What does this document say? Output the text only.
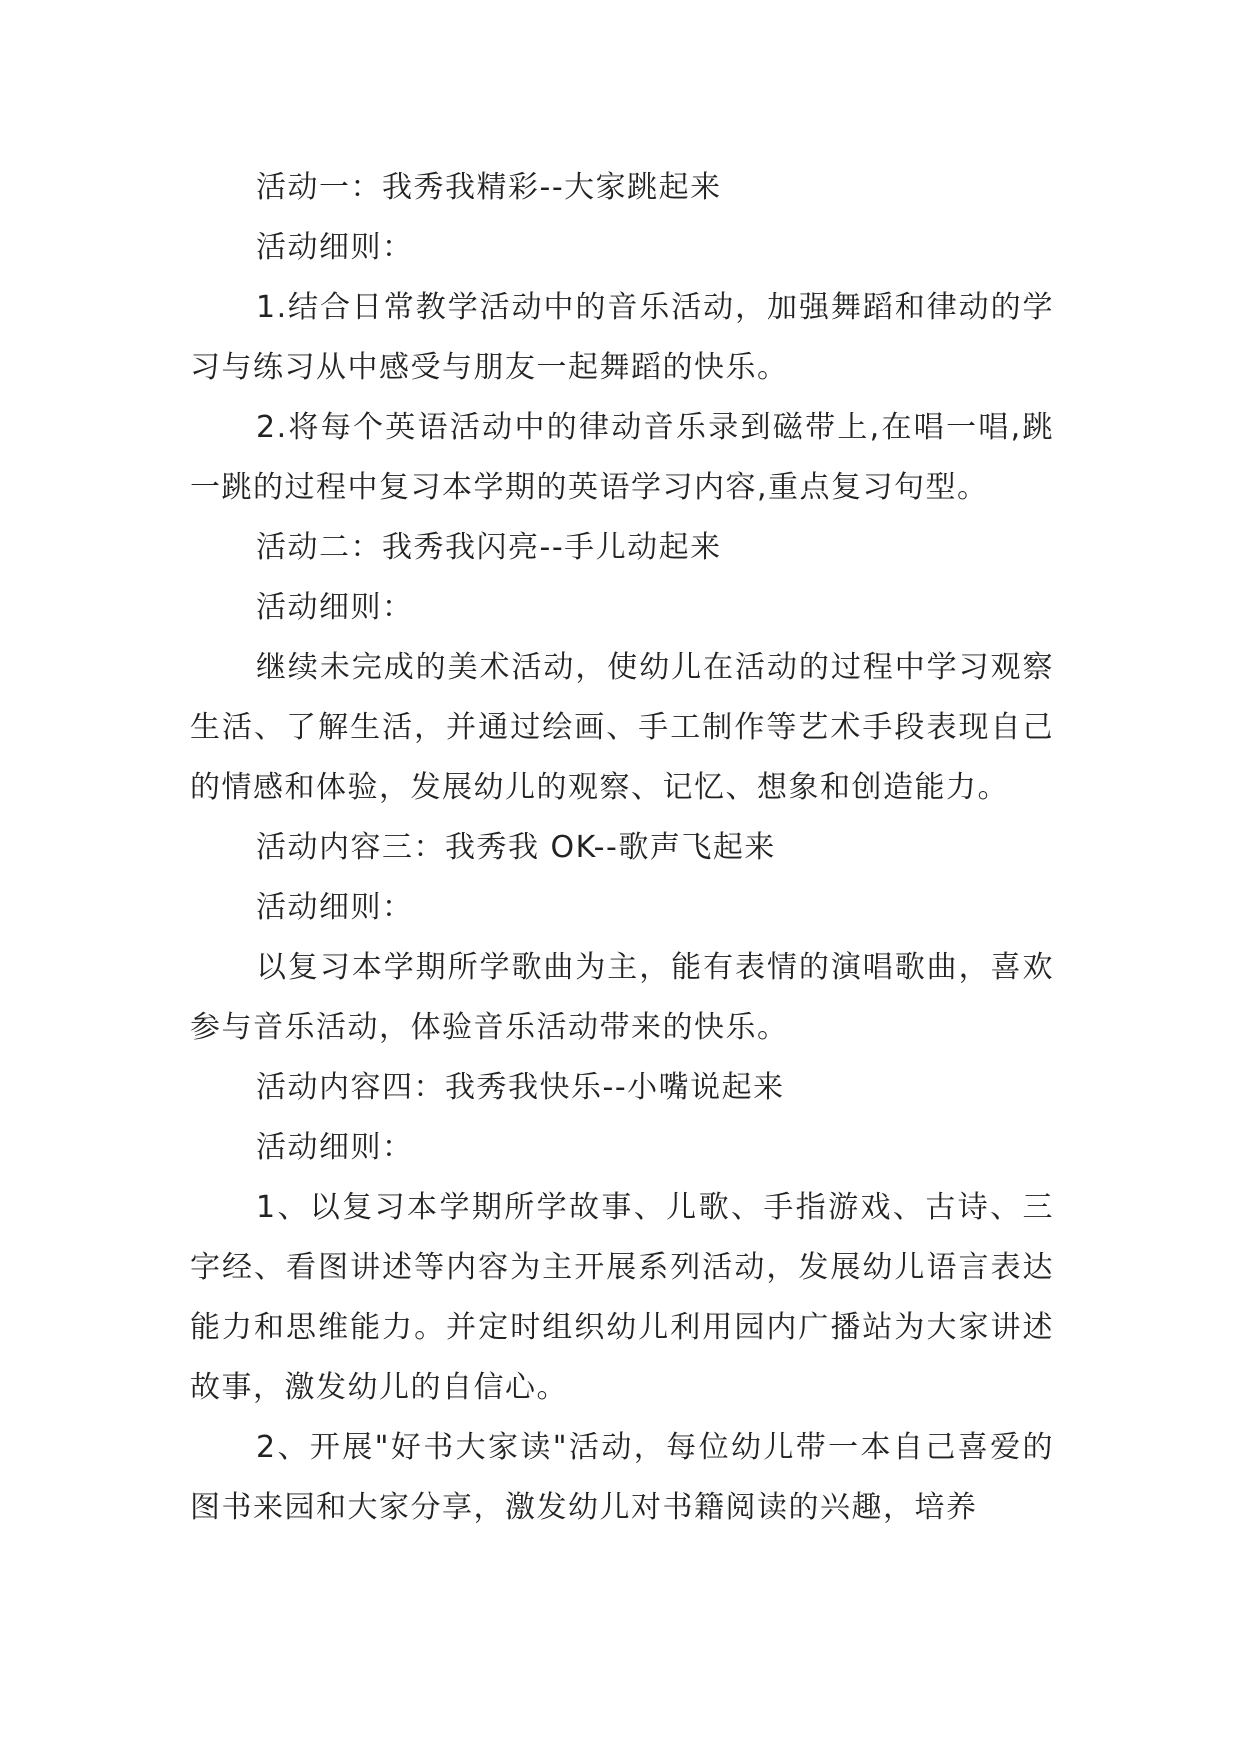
活动一：我秀我精彩--大家跳起来

活动细则：

1.结合日常教学活动中的音乐活动，加强舞蹈和律动的学习与练习从中感受与朋友一起舞蹈的快乐。

2.将每个英语活动中的律动音乐录到磁带上,在唱一唱,跳一跳的过程中复习本学期的英语学习内容,重点复习句型。

活动二：我秀我闪亮--手儿动起来

活动细则：

继续未完成的美术活动，使幼儿在活动的过程中学习观察生活、了解生活，并通过绘画、手工制作等艺术手段表现自己的情感和体验，发展幼儿的观察、记忆、想象和创造能力。

活动内容三：我秀我 OK--歌声飞起来

活动细则：

以复习本学期所学歌曲为主，能有表情的演唱歌曲，喜欢参与音乐活动，体验音乐活动带来的快乐。

活动内容四：我秀我快乐--小嘴说起来

活动细则：

1、以复习本学期所学故事、儿歌、手指游戏、古诗、三字经、看图讲述等内容为主开展系列活动，发展幼儿语言表达能力和思维能力。并定时组织幼儿利用园内广播站为大家讲述故事，激发幼儿的自信心。

2、开展"好书大家读"活动，每位幼儿带一本自己喜爱的图书来园和大家分享，激发幼儿对书籍阅读的兴趣，培养
